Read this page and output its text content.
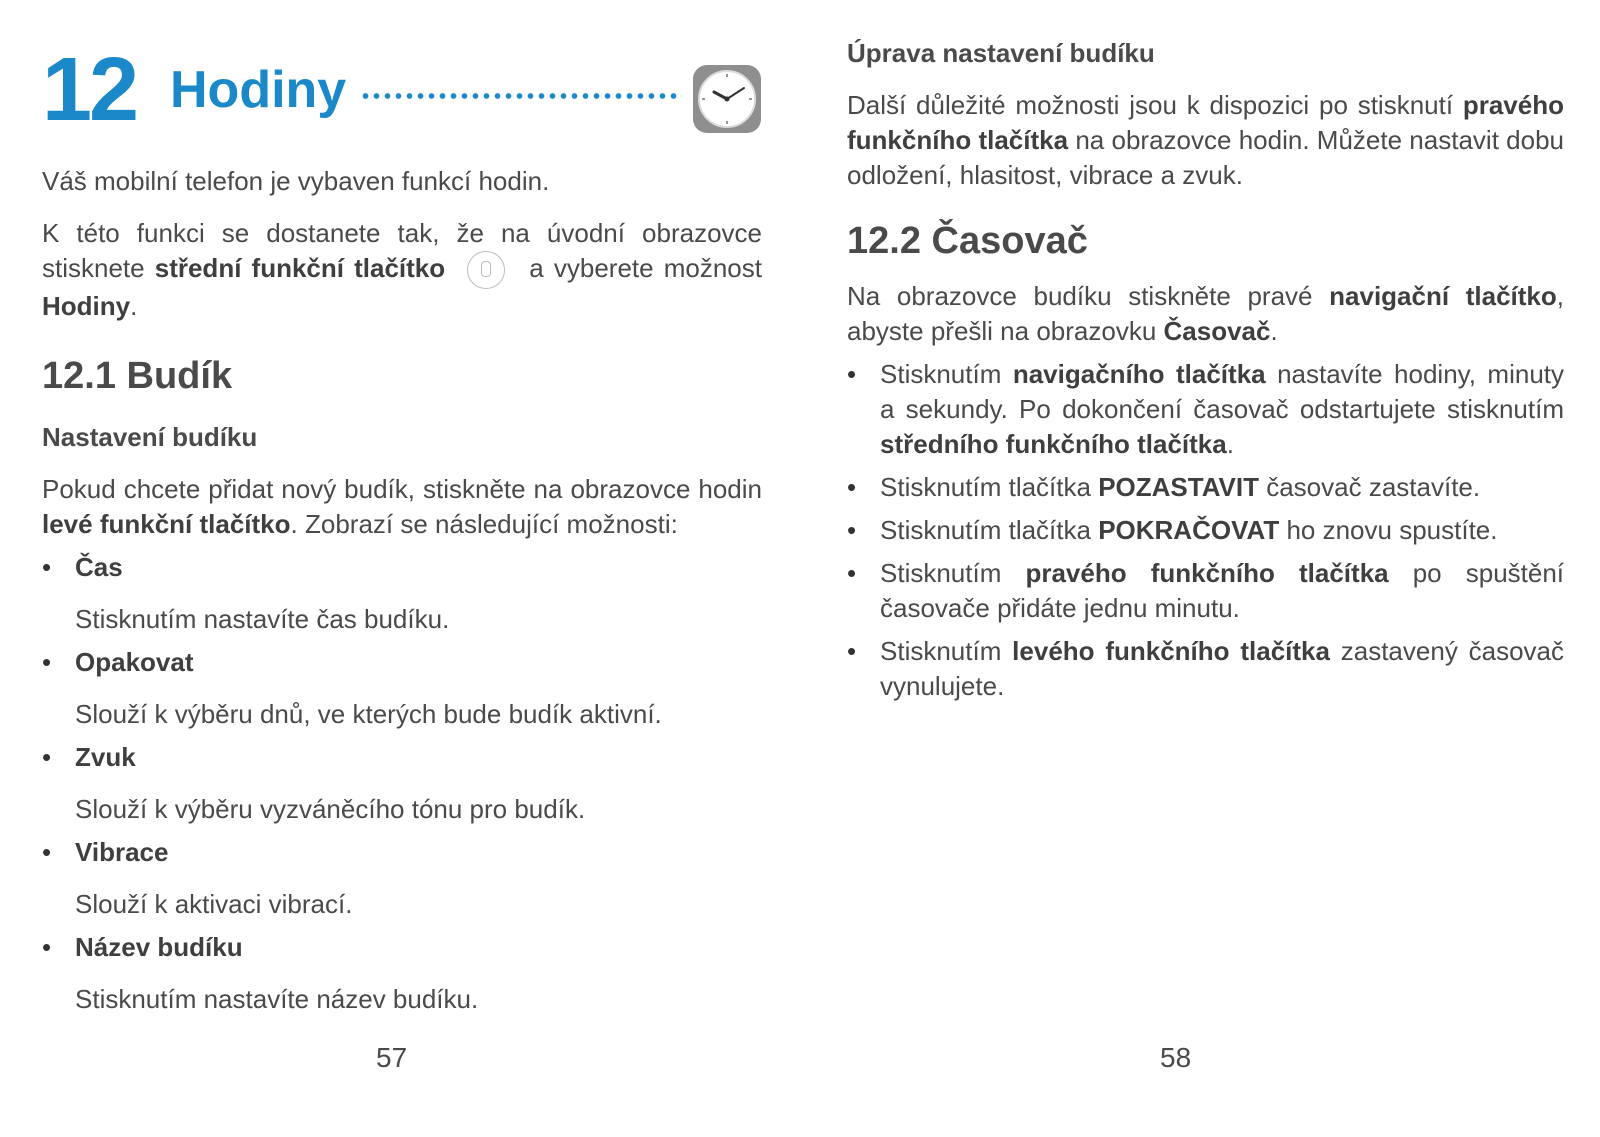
12 Hodiny

Váš mobilní telefon je vybaven funkcí hodin.

K této funkci se dostanete tak, že na úvodní obrazovce stisknete střední funkční tlačítko	a vyberete možnost Hodiny.

12.1 Budík

Nastavení budíku

Pokud chcete přidat nový budík, stiskněte na obrazovce hodin levé funkční tlačítko. Zobrazí se následující možnosti:

• Čas
Stisknutím nastavíte čas budíku.
• Opakovat
Slouží k výběru dnů, ve kterých bude budík aktivní.
• Zvuk
Slouží k výběru vyzváněcího tónu pro budík.
• Vibrace
Slouží k aktivaci vibrací.
• Název budíku
Stisknutím nastavíte název budíku.
57

Úprava nastavení budíku

Další důležité možnosti jsou k dispozici po stisknutí pravého funkčního tlačítka na obrazovce hodin. Můžete nastavit dobu odložení, hlasitost, vibrace a zvuk.

12.2 Časovač

Na obrazovce budíku stiskněte pravé navigační tlačítko, abyste přešli na obrazovku Časovač.

• Stisknutím navigačního tlačítka nastavíte hodiny, minuty a sekundy. Po dokončení časovač odstartujete stisknutím středního funkčního tlačítka.
• Stisknutím tlačítka POZASTAVIT časovač zastavíte.
• Stisknutím tlačítka POKRAČOVAT ho znovu spustíte.
• Stisknutím pravého funkčního tlačítka po spuštění časovače přidáte jednu minutu.
• Stisknutím levého funkčního tlačítka zastavený časovač vynulujete.
58
